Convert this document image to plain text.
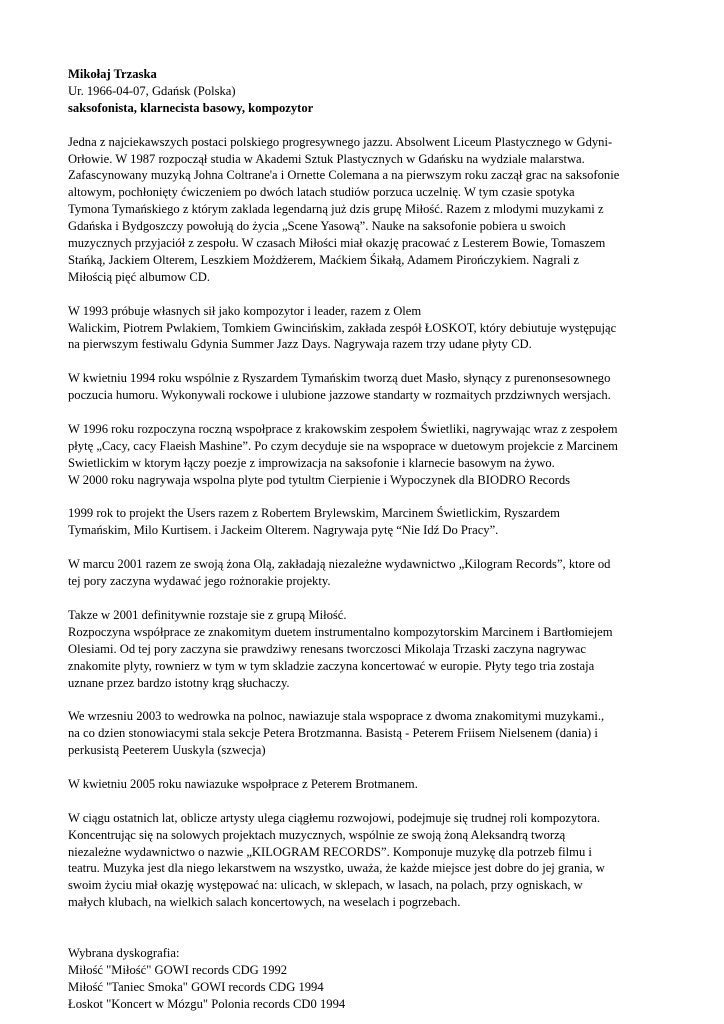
Mikołaj Trzaska

Ur. 1966-04-07, Gdańsk (Polska)

saksofonista, klarnecista basowy, kompozytor

Jedna z najciekawszych postaci polskiego progresywnego jazzu. Absolwent Liceum Plastycznego w Gdyni-
Orłowie. W 1987 rozpoczął studia w Akademi Sztuk Plastycznych w Gdańsku na wydziale malarstwa.
Zafascynowany muzyką Johna Coltrane'a i Ornette Colemana a na pierwszym roku zaczął grac na saksofonie
altowym, pochłonięty ćwiczeniem po dwóch latach studiów porzuca uczelnię. W tym czasie spotyka
Tymona Tymańskiego z którym zaklada legendarną już dzis grupę Miłość. Razem z mlodymi muzykami z
Gdańska i Bydgoszczy powołują do życia „Scene Yasową”. Nauke na saksofonie pobiera u swoich
muzycznych przyjaciół z zespołu. W czasach Miłości miał okazję pracować z Lesterem Bowie, Tomaszem
Stańką, Jackiem Olterem, Leszkiem Możdżerem, Maćkiem Śikałą, Adamem Pirończykiem. Nagrali z
Miłością pięć albumow CD.
W 1993 próbuje własnych sił jako kompozytor i leader, razem z Olem
Walickim, Piotrem Pwlakiem, Tomkiem Gwincińskim, zakłada zespół ŁOSKOT, który debiutuje występując
na pierwszym festiwalu Gdynia Summer Jazz Days. Nagrywaja razem trzy udane płyty CD.
W kwietniu 1994 roku wspólnie z Ryszardem Tymańskim tworzą duet Masło, słynący z purenonsesownego
poczucia humoru. Wykonywali rockowe i ulubione jazzowe standarty w rozmaitych przdziwnych wersjach.
W 1996 roku rozpoczyna roczną wspołprace z krakowskim zespołem Świetliki, nagrywając wraz z zespołem
płytę „Cacy, cacy Flaeish Mashine”. Po czym decyduje sie na wspoprace w duetowym projekcie z Marcinem
Swietlickim w ktorym łączy poezje z improwizacja na saksofonie i klarnecie basowym na żywo.
W 2000 roku nagrywaja wspolna plyte pod tytultm Cierpienie i Wypoczynek dla BIODRO Records
1999 rok to projekt the Users razem z Robertem Brylewskim, Marcinem Świetlickim, Ryszardem
Tymańskim, Milo Kurtisem. i Jackeim Olterem. Nagrywaja pytę “Nie Idź Do Pracy”.
W marcu 2001 razem ze swoją żona Olą, zakładają niezależne wydawnictwo „Kilogram Records”, ktore od
tej pory zaczyna wydawać jego rożnorakie projekty.
Takze w 2001 definitywnie rozstaje sie z grupą Miłość.
Rozpoczyna współprace ze znakomitym duetem instrumentalno kompozytorskim Marcinem i Bartłomiejem
Olesiami. Od tej pory zaczyna sie prawdziwy renesans tworczosci Mikolaja Trzaski zaczyna nagrywac
znakomite plyty, rownierz w tym w tym skladzie zaczyna koncertować w europie. Płyty tego tria zostaja
uznane przez bardzo istotny krąg słuchaczy.
We wrzesniu 2003 to wedrowka na polnoc, nawiazuje stala wspoprace z dwoma znakomitymi muzykami.,
na co dzien stonowiacymi stala sekcje Petera Brotzmanna. Basistą - Peterem Friisem Nielsenem (dania) i
perkusistą Peeterem Uuskyla (szwecja)
W kwietniu 2005 roku nawiazuke wspołprace z Peterem Brotmanem.
W ciągu ostatnich lat, oblicze artysty ulega ciągłemu rozwojowi, podejmuje się trudnej roli kompozytora.
Koncentrując się na solowych projektach muzycznych, wspólnie ze swoją żoną Aleksandrą tworzą
niezależne wydawnictwo o nazwie „KILOGRAM RECORDS”. Komponuje muzykę dla potrzeb filmu i
teatru. Muzyka jest dla niego lekarstwem na wszystko, uważa, że każde miejsce jest dobre do jej grania, w
swoim życiu miał okazję występować na: ulicach, w sklepach, w lasach, na polach, przy ogniskach, w
małych klubach, na wielkich salach koncertowych, na weselach i pogrzebach.

Wybrana dyskografia:

Miłość "Miłość" GOWI records CDG 1992

Miłość "Taniec Smoka" GOWI records CDG 1994

Łoskot "Koncert w Mózgu" Polonia records CD0 1994
